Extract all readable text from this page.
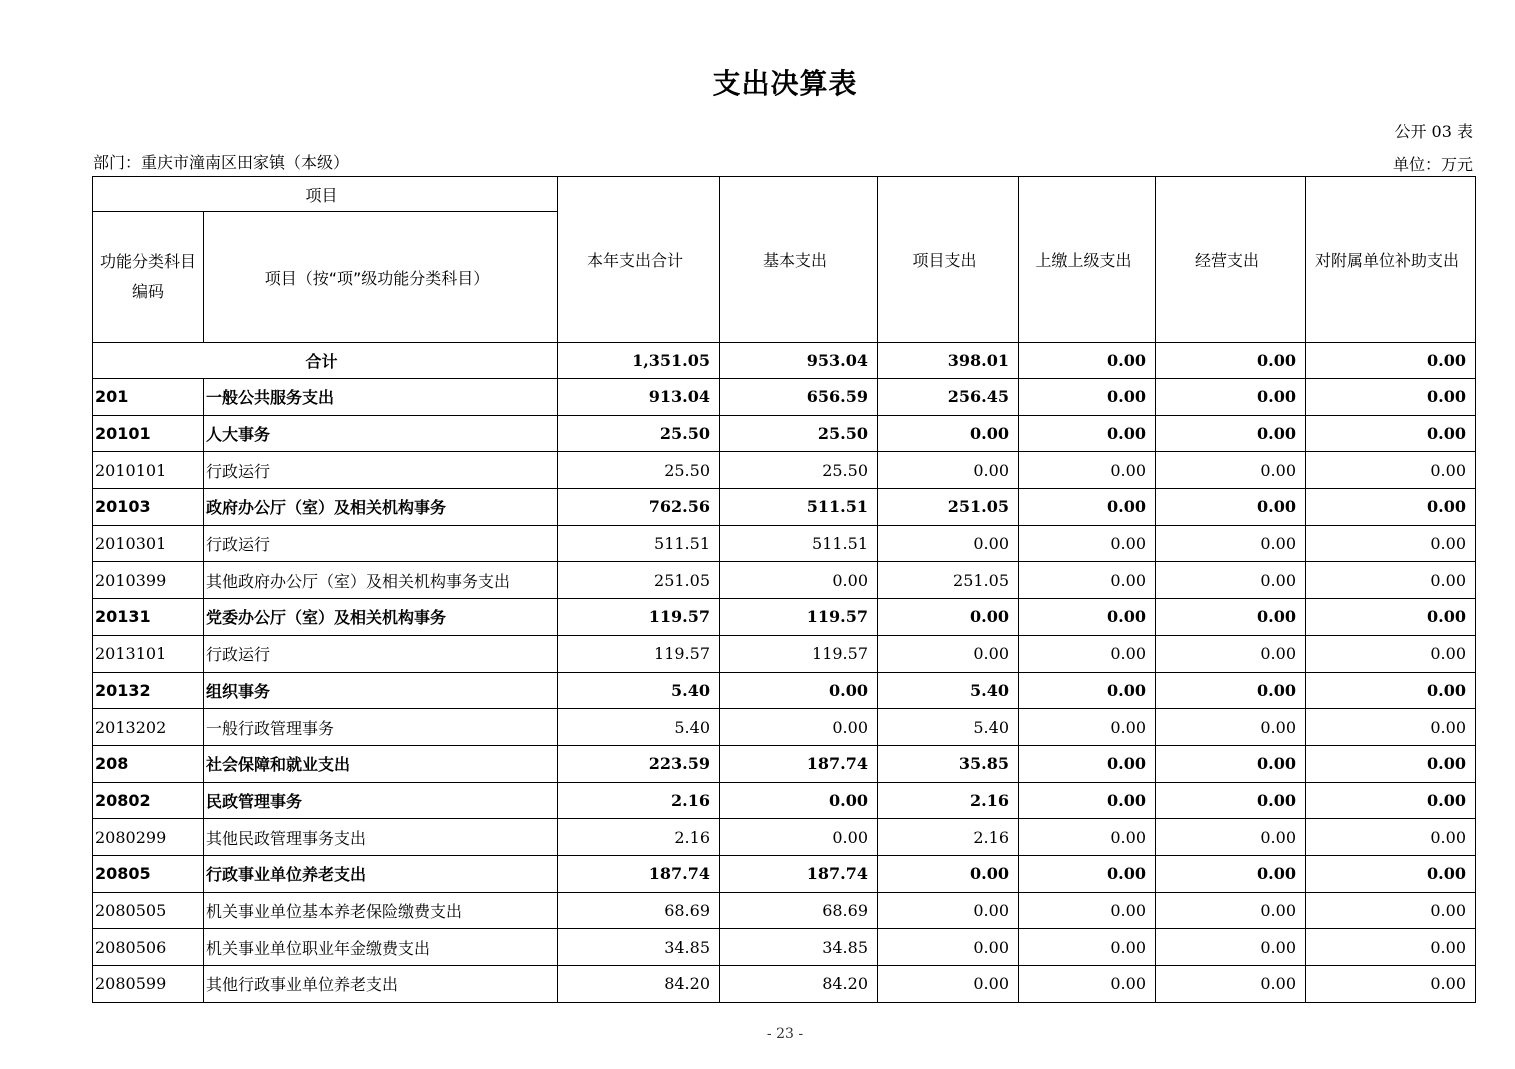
支出决算表
公开 03 表
部门：重庆市潼南区田家镇（本级）	单位：万元
项目		本年支出合计	基本支出	项目支出	上缴上级支出	经营支出	对附属单位补助支出
功能分类科目编码	项目（按“项”级功能分类科目）						
合计		1,351.05	953.04	398.01	0.00	0.00	0.00
201	一般公共服务支出	913.04	656.59	256.45	0.00	0.00	0.00
20101	人大事务	25.50	25.50	0.00	0.00	0.00	0.00
2010101	行政运行	25.50	25.50	0.00	0.00	0.00	0.00
20103	政府办公厅（室）及相关机构事务	762.56	511.51	251.05	0.00	0.00	0.00
2010301	行政运行	511.51	511.51	0.00	0.00	0.00	0.00
2010399	其他政府办公厅（室）及相关机构事务支出	251.05	0.00	251.05	0.00	0.00	0.00
20131	党委办公厅（室）及相关机构事务	119.57	119.57	0.00	0.00	0.00	0.00
2013101	行政运行	119.57	119.57	0.00	0.00	0.00	0.00
20132	组织事务	5.40	0.00	5.40	0.00	0.00	0.00
2013202	一般行政管理事务	5.40	0.00	5.40	0.00	0.00	0.00
208	社会保障和就业支出	223.59	187.74	35.85	0.00	0.00	0.00
20802	民政管理事务	2.16	0.00	2.16	0.00	0.00	0.00
2080299	其他民政管理事务支出	2.16	0.00	2.16	0.00	0.00	0.00
20805	行政事业单位养老支出	187.74	187.74	0.00	0.00	0.00	0.00
2080505	机关事业单位基本养老保险缴费支出	68.69	68.69	0.00	0.00	0.00	0.00
2080506	机关事业单位职业年金缴费支出	34.85	34.85	0.00	0.00	0.00	0.00
2080599	其他行政事业单位养老支出	84.20	84.20	0.00	0.00	0.00	0.00
- 23 -
